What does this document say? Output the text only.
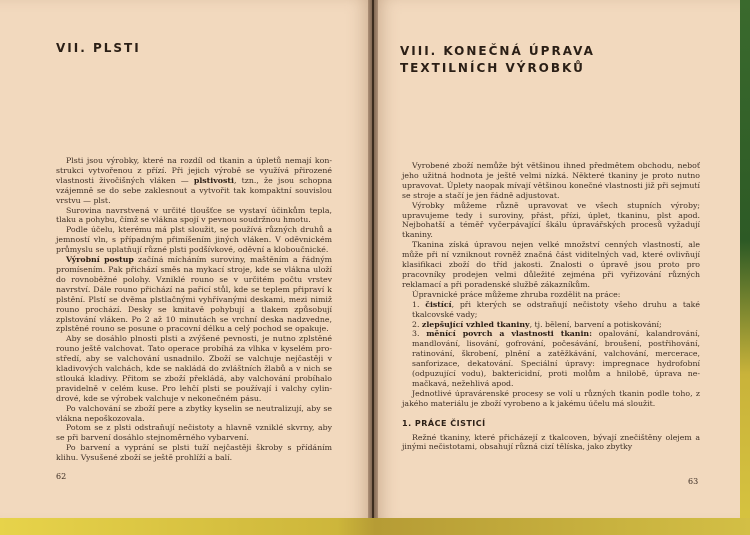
VII. PLSTI

Plsti jsou výrobky, které na rozdíl od tkanin a úpletů nemají konstrukci vytvořenou z přízí. Při jejich výrobě se využívá přirozené vlastnosti živočišných vláken — plstivosti, tzn., že jsou schopna vzájemně se do sebe zaklesnout a vytvořit tak kompaktní souvislou vrstvu — plst.

Surovina navrstvená v určité tloušťce se vystaví účinkům tepla, tlaku a pohybu, čímž se vlákna spojí v pevnou soudržnou hmotu.

Podle účelu, kterému má plst sloužit, se používá různých druhů a jemností vln, s případným přimíšením jiných vláken. V oděvnickém průmyslu se uplatňují různé plsti podšívkové, oděvní a kloboučnické.

Výrobní postup začíná mícháním suroviny, maštěním a řádným promísením. Pak přichází směs na mykací stroje, kde se vlákna uloží do rovnoběžné polohy. Vzniklé rouno se v určitém počtu vrstev navrství. Dále rouno přichází na pařicí stůl, kde se teplem připraví k plstění. Plstí se dvěma plstlačnými vyhřívanými deskami, mezi nimiž rouno prochází. Desky se kmitavě pohybují a tlakem způsobují zplstování vláken. Po 2 až 10 minutách se vrchní deska nadzvedne, zplstěné rouno se posune o pracovní délku a celý pochod se opakuje.

Aby se dosáhlo plnosti plsti a zvýšené pevnosti, je nutno zplstěné rouno ještě valchovat. Tato operace probíhá za vlhka v kyselém prostředí, aby se valchování usnadnilo. Zboží se valchuje nejčastěji v kladivových valchách, kde se nakládá do zvláštních žlabů a v nich se stlouká kladivy. Přitom se zboží překládá, aby valchování probíhalo pravidelně v celém kuse. Pro lehčí plsti se používají i valchy cylindrové, kde se výrobek valchuje v nekonečném pásu.

Po valchování se zboží pere a zbytky kyselin se neutralizují, aby se vlákna nepoškozovala.

Potom se z plsti odstraňují nečistoty a hlavně vzniklé skvrny, aby se při barvení dosáhlo stejnoměrného vybarvení.

Po barvení a vyprání se plsti tuží nejčastěji škroby s přídáním klihu. Vysušené zboží se ještě prohlíží a balí.

62
VIII. KONEČNÁ ÚPRAVA TEXTILNÍCH VÝROBKŮ

Vyrobené zboží nemůže být většinou ihned předmětem obchodu, neboť jeho užitná hodnota je ještě velmi nízká. Některé tkaniny je proto nutno upravovat. Úplety naopak mívají většinou konečné vlastnosti již při sejmutí se stroje a stačí je jen řádně adjustovat.

Výrobky můžeme různě upravovat ve všech stupních výroby; upravujeme tedy i suroviny, přást, přízi, úplet, tkaninu, plst apod. Nejbohatší a téměř vyčerpávající škálu úpravářských procesů vyžadují tkaniny.

Tkanina získá úpravou nejen velké množství cenných vlastností, ale může při ní vzniknout rovněž značná část viditelných vad, které ovlivňují klasifikaci zboží do tříd jakosti. Znalosti o úpravě jsou proto pro pracovníky prodejen velmi důležité zejména při vyřizování různých reklamací a při poradenské službě zákazníkům.

Úpravnické práce můžeme zhruba rozdělit na práce:

1. čistící, při kterých se odstraňují nečistoty všeho druhu a také tkalcovské vady;

2. zlepšující vzhled tkaniny, tj. bělení, barvení a potiskování;

3. měnící povrch a vlastnosti tkanin: opalování, kalandrování, mandlování, lisování, gofrování, počesávání, broušení, postřihování, ratinování, škrobení, plnění a zatěžkávání, valchování, mercerace, sanforizace, dekatování. Speciální úpravy: impregnace hydrofobní (odpuzující vodu), baktericidní, proti molům a hnilobě, úprava nemačkavá, nežehlivá apod.

Jednotlivé úpravárenské procesy se volí u různých tkanin podle toho, z jakého materiálu je zboží vyrobeno a k jakému účelu má sloužit.

1. PRÁCE ČISTICÍ

Režné tkaniny, které přicházejí z tkalcoven, bývají znečištěny olejem a jinými nečistotami, obsahují různá cizí tělíska, jako zbytky

63
